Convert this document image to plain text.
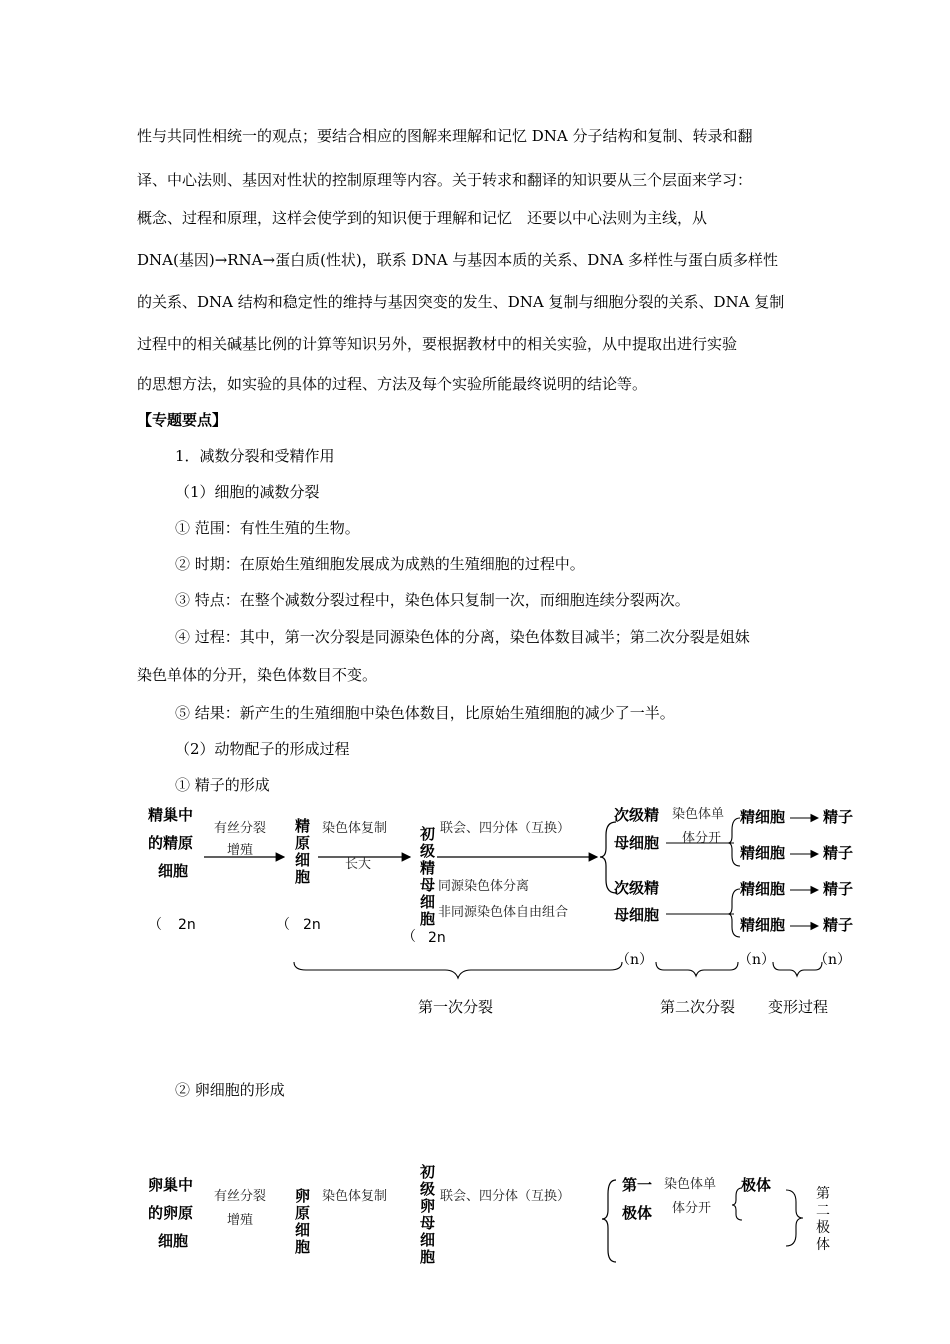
性与共同性相统一的观点；要结合相应的图解来理解和记忆 DNA 分子结构和复制、转录和翻
译、中心法则、基因对性状的控制原理等内容。关于转求和翻译的知识要从三个层面来学习：
概念、过程和原理，这样会使学到的知识便于理解和记忆　还要以中心法则为主线，从
DNA(基因)→RNA→蛋白质(性状)，联系 DNA 与基因本质的关系、DNA 多样性与蛋白质多样性
的关系、DNA 结构和稳定性的维持与基因突变的发生、DNA 复制与细胞分裂的关系、DNA 复制
过程中的相关碱基比例的计算等知识另外，要根据教材中的相关实验，从中提取出进行实验
的思想方法，如实验的具体的过程、方法及每个实验所能最终说明的结论等。
【专题要点】
1．减数分裂和受精作用
（1）细胞的减数分裂
① 范围：有性生殖的生物。
② 时期：在原始生殖细胞发展成为成熟的生殖细胞的过程中。
③ 特点：在整个减数分裂过程中，染色体只复制一次，而细胞连续分裂两次。
④ 过程：其中，第一次分裂是同源染色体的分离，染色体数目减半；第二次分裂是姐妹
染色单体的分开，染色体数目不变。
⑤ 结果：新产生的生殖细胞中染色体数目，比原始生殖细胞的减少了一半。
（2）动物配子的形成过程
① 精子的形成
精巢中
的精原
细胞
有丝分裂
增殖
精
原
细
胞
染色体复制
长大
初
级
精
母
细
胞
联会、四分体（互换）
同源染色体分离
非同源染色体自由组合
次级精
母细胞
次级精
母细胞
染色体单
体分开
精细胞
精细胞
精细胞
精细胞
精子
精子
精子
精子
（ 2n	（ 2n
（ 2n
（n）	（n）	（n）
第一次分裂	第二次分裂 变形过程
② 卵细胞的形成
卵巢中
的卵原
细胞
有丝分裂
增殖
卵
原
细
胞
染色体复制
初
级
卵
母
细
胞
联会、四分体（互换）
第一
极体
染色体单
体分开
极体	第
二
极
体
